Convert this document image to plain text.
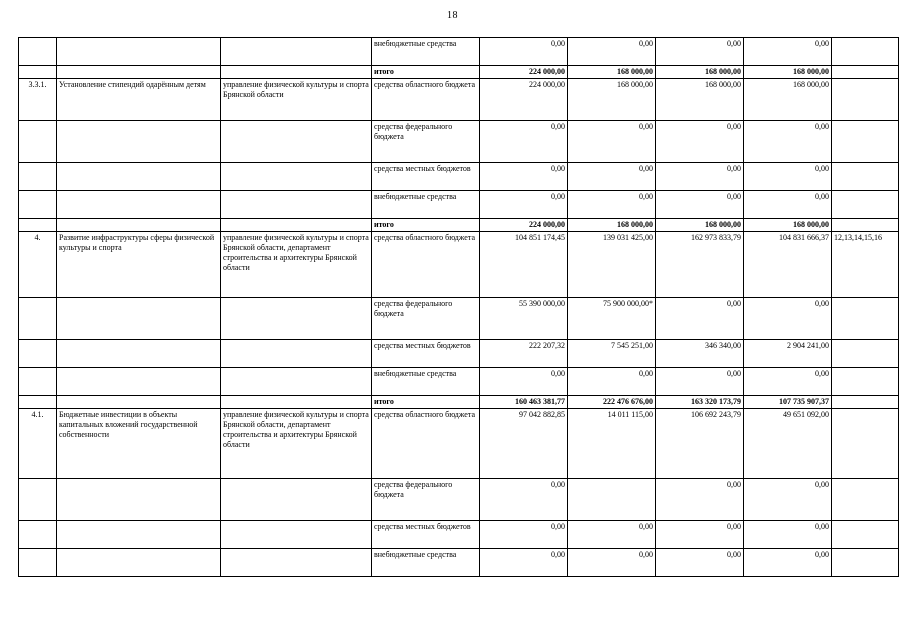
18
			внебюджетные средства	0,00	0,00	0,00	0,00	
			итого	224 000,00	168 000,00	168 000,00	168 000,00	
3.3.1.	Установление стипендий одарённым детям	управление физической культуры и спорта Брянской области	средства областного бюджета	224 000,00	168 000,00	168 000,00	168 000,00	
			средства федерального бюджета	0,00	0,00	0,00	0,00	
			средства местных бюджетов	0,00	0,00	0,00	0,00	
			внебюджетные средства	0,00	0,00	0,00	0,00	
			итого	224 000,00	168 000,00	168 000,00	168 000,00	
4.	Развитие инфраструктуры сферы физической культуры и спорта	управление физической культуры и спорта Брянской области, департамент строительства и архитектуры Брянской области	средства областного бюджета	104 851 174,45	139 031 425,00	162 973 833,79	104 831 666,37	12,13,14,15,16
			средства федерального бюджета	55 390 000,00	75 900 000,00*	0,00	0,00	
			средства местных бюджетов	222 207,32	7 545 251,00	346 340,00	2 904 241,00	
			внебюджетные средства	0,00	0,00	0,00	0,00	
			итого	160 463 381,77	222 476 676,00	163 320 173,79	107 735 907,37	
4.1.	Бюджетные инвестиции в объекты капитальных вложений государственной собственности	управление физической культуры и спорта Брянской области, департамент строительства и архитектуры Брянской области	средства областного бюджета	97 042 882,85	14 011 115,00	106 692 243,79	49 651 092,00	
			средства федерального бюджета	0,00		0,00	0,00	
			средства местных бюджетов	0,00	0,00	0,00	0,00	
			внебюджетные средства	0,00	0,00	0,00	0,00	
